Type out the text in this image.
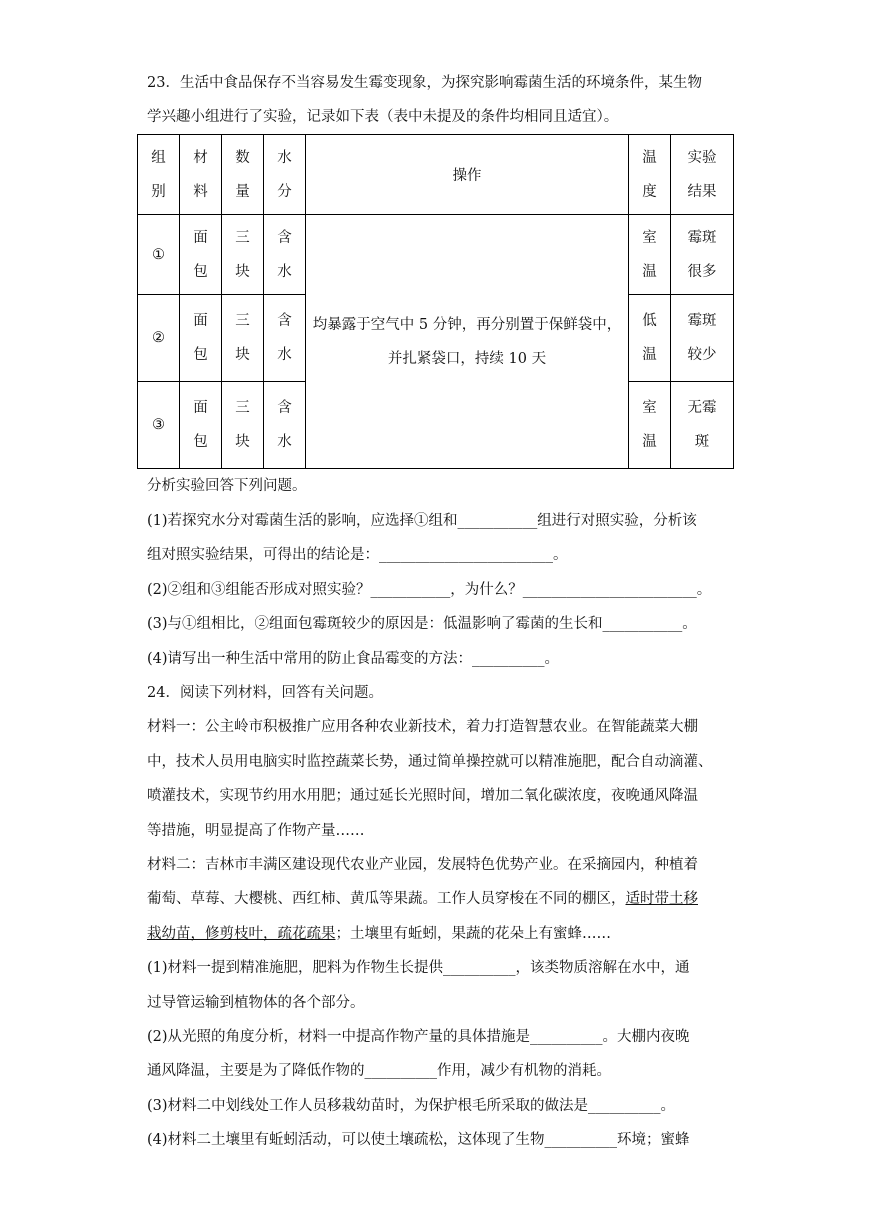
23．生活中食品保存不当容易发生霉变现象，为探究影响霉菌生活的环境条件，某生物
学兴趣小组进行了实验，记录如下表（表中未提及的条件均相同且适宜）。
组别	材料	数量	水分	操作	温度	实验结果
①	面包	三块	含水	均暴露于空气中 5 分钟，再分别置于保鲜袋中，
并扎紧袋口，持续 10 天	室温	霉斑很多
②	面包	三块	含水		低温	霉斑较少
③	面包	三块	含水		室温	无霉斑
分析实验回答下列问题。
(1)若探究水分对霉菌生活的影响，应选择①组和___________组进行对照实验，分析该
组对照实验结果，可得出的结论是：________________________。
(2)②组和③组能否形成对照实验？___________，为什么？________________________。
(3)与①组相比，②组面包霉斑较少的原因是：低温影响了霉菌的生长和___________。
(4)请写出一种生活中常用的防止食品霉变的方法：__________。
24．阅读下列材料，回答有关问题。
材料一：公主岭市积极推广应用各种农业新技术，着力打造智慧农业。在智能蔬菜大棚
中，技术人员用电脑实时监控蔬菜长势，通过简单操控就可以精准施肥，配合自动滴灌、
喷灌技术，实现节约用水用肥；通过延长光照时间，增加二氧化碳浓度，夜晚通风降温
等措施，明显提高了作物产量……
材料二：吉林市丰满区建设现代农业产业园，发展特色优势产业。在采摘园内，种植着
葡萄、草莓、大樱桃、西红柿、黄瓜等果蔬。工作人员穿梭在不同的棚区，适时带土移
栽幼苗，修剪枝叶，疏花疏果；土壤里有蚯蚓，果蔬的花朵上有蜜蜂……
(1)材料一提到精准施肥，肥料为作物生长提供__________，该类物质溶解在水中，通
过导管运输到植物体的各个部分。
(2)从光照的角度分析，材料一中提高作物产量的具体措施是__________。大棚内夜晚
通风降温，主要是为了降低作物的__________作用，减少有机物的消耗。
(3)材料二中划线处工作人员移栽幼苗时，为保护根毛所采取的做法是__________。
(4)材料二土壤里有蚯蚓活动，可以使土壤疏松，这体现了生物__________环境；蜜蜂
